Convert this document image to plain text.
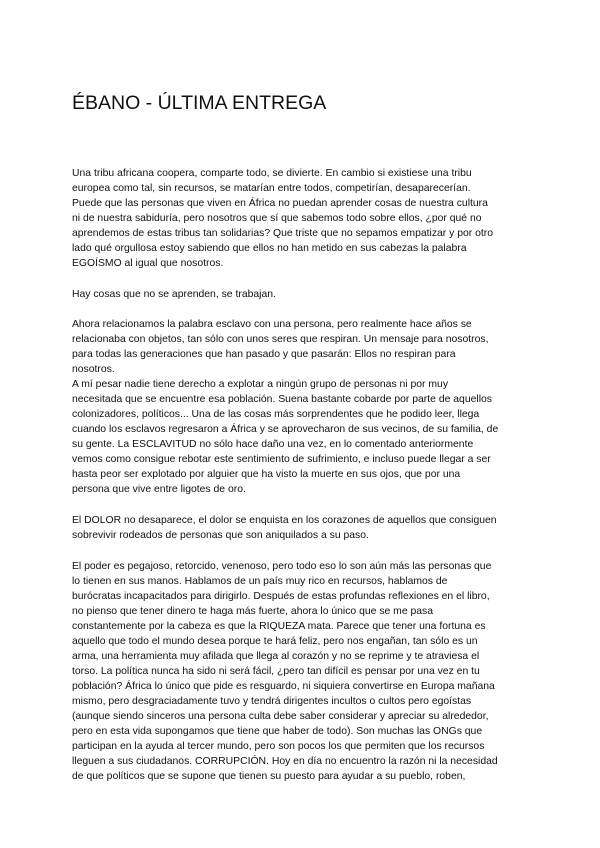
ÉBANO - ÚLTIMA ENTREGA
Una tribu africana coopera, comparte todo, se divierte. En cambio si existiese una tribu
europea como tal, sin recursos, se matarían entre todos, competirían, desaparecerían.
Puede que las personas que viven en África no puedan aprender cosas de nuestra cultura
ni de nuestra sabiduría, pero nosotros que sí que sabemos todo sobre ellos, ¿por qué no
aprendemos de estas tribus tan solidarias? Que triste que no sepamos empatizar y por otro
lado qué orgullosa estoy sabiendo que ellos no han metido en sus cabezas la palabra
EGOÍSMO al igual que nosotros.
Hay cosas que no se aprenden, se trabajan.
Ahora relacionamos la palabra esclavo con una persona, pero realmente hace años se
relacionaba con objetos, tan sólo con unos seres que respiran. Un mensaje para nosotros,
para todas las generaciones que han pasado y que pasarán: Ellos no respiran para
nosotros.
A mí pesar nadie tiene derecho a explotar a ningún grupo de personas ni por muy
necesitada que se encuentre esa población. Suena bastante cobarde por parte de aquellos
colonizadores, políticos... Una de las cosas más sorprendentes que he podido leer, llega
cuando los esclavos regresaron a África y se aprovecharon de sus vecinos, de su familia, de
su gente. La ESCLAVITUD no sólo hace daño una vez, en lo comentado anteriormente
vemos como consigue rebotar este sentimiento de sufrimiento, e incluso puede llegar a ser
hasta peor ser explotado por alguier que ha visto la muerte en sus ojos, que por una
persona que vive entre ligotes de oro.
El DOLOR no desaparece, el dolor se enquista en los corazones de aquellos que consiguen
sobrevivir rodeados de personas que son aniquilados a su paso.
El poder es pegajoso, retorcido, venenoso, pero todo eso lo son aún más las personas que
lo tienen en sus manos. Hablamos de un país muy rico en recursos, hablamos de
burócratas incapacitados para dirigirlo. Después de estas profundas reflexiones en el libro,
no pienso que tener dinero te haga más fuerte, ahora lo único que se me pasa
constantemente por la cabeza es que la RIQUEZA mata. Parece que tener una fortuna es
aquello que todo el mundo desea porque te hará feliz, pero nos engañan, tan sólo es un
arma, una herramienta muy afilada que llega al corazón y no se reprime y te atraviesa el
torso. La política nunca ha sido ni será fácil, ¿pero tan difícil es pensar por una vez en tu
población? África lo único que pide es resguardo, ni siquiera convertirse en Europa mañana
mismo, pero desgraciadamente tuvo y tendrá dirigentes incultos o cultos pero egoístas
(aunque siendo sinceros una persona culta debe saber considerar y apreciar su alrededor,
pero en esta vida supongamos que tiene que haber de todo). Son muchas las ONGs que
participan en la ayuda al tercer mundo, pero son pocos los que permiten que los recursos
lleguen a sus ciudadanos. CORRUPCIÓN. Hoy en día no encuentro la razón ni la necesidad
de que políticos que se supone que tienen su puesto para ayudar a su pueblo, roben,
